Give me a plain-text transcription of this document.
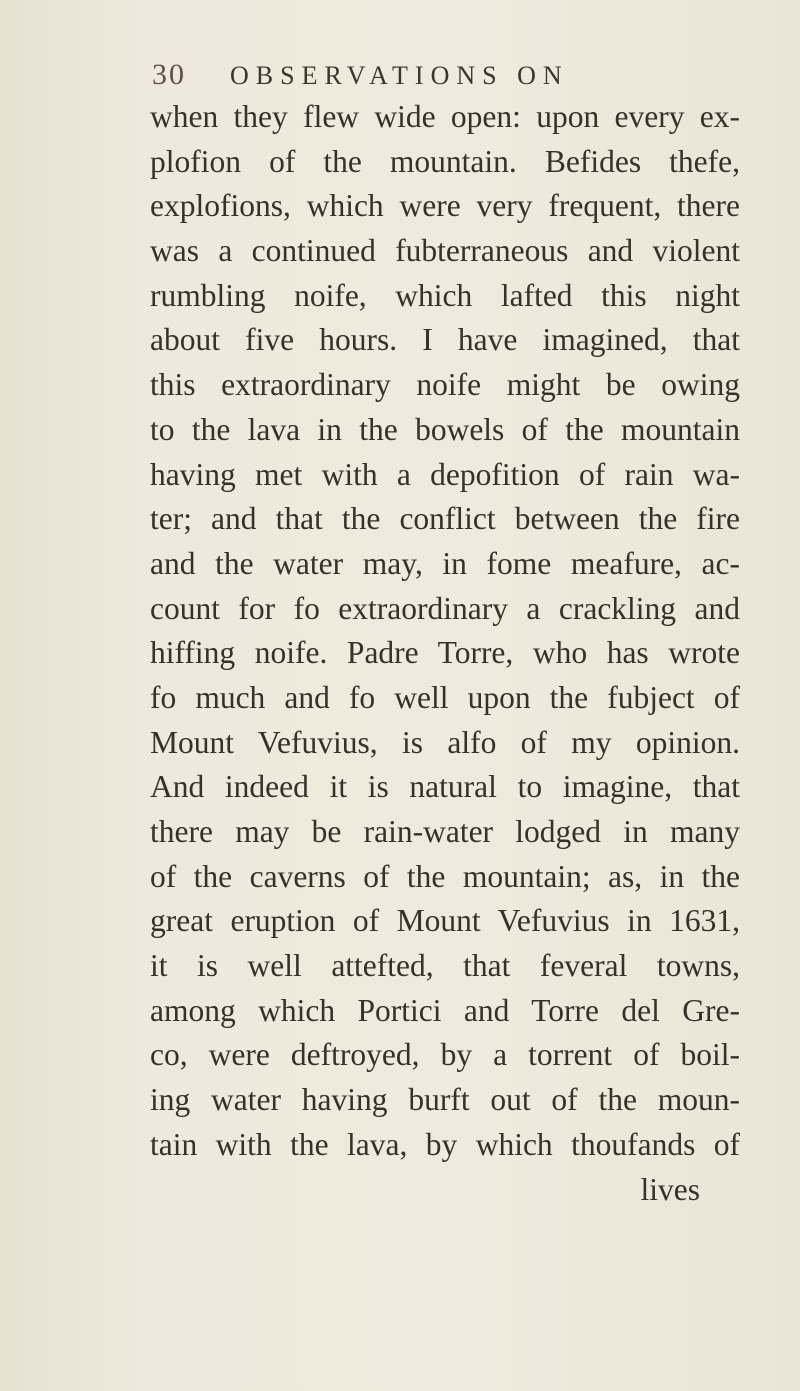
30 OBSERVATIONS ON
when they flew wide open: upon every ex-
plofion of the mountain. Befides thefe,
explofions, which were very frequent, there
was a continued fubterraneous and violent
rumbling noife, which lafted this night
about five hours. I have imagined, that
this extraordinary noife might be owing
to the lava in the bowels of the mountain
having met with a depofition of rain wa-
ter; and that the conflict between the fire
and the water may, in fome meafure, ac-
count for fo extraordinary a crackling and
hiffing noife. Padre Torre, who has wrote
fo much and fo well upon the fubject of
Mount Vefuvius, is alfo of my opinion.
And indeed it is natural to imagine, that
there may be rain-water lodged in many
of the caverns of the mountain; as, in the
great eruption of Mount Vefuvius in 1631,
it is well attefted, that feveral towns,
among which Portici and Torre del Gre-
co, were deftroyed, by a torrent of boil-
ing water having burft out of the moun-
tain with the lava, by which thoufands of
lives
